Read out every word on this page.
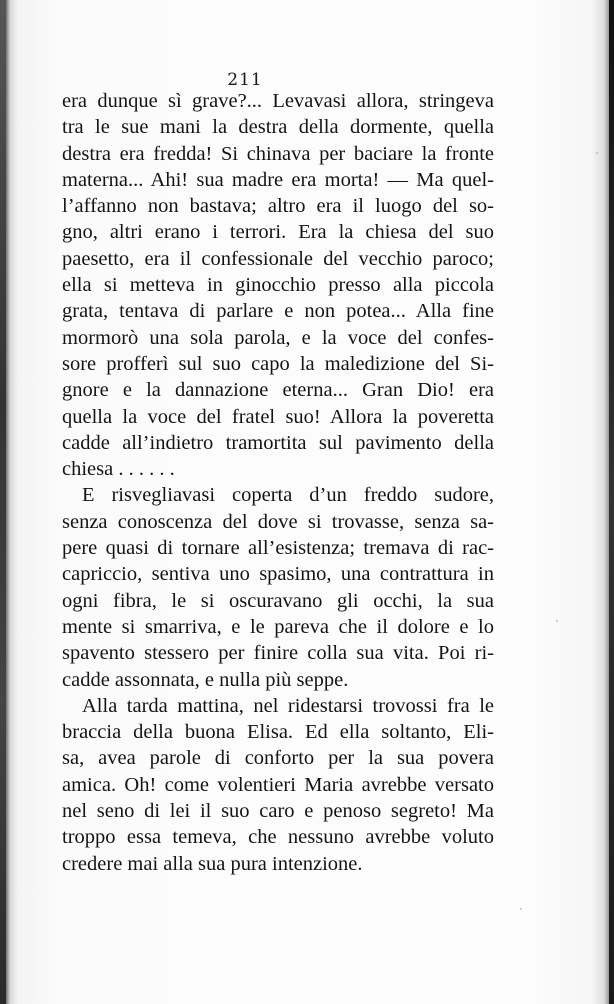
211
era dunque sì grave?... Levavasi allora, stringeva
tra le sue mani la destra della dormente, quella
destra era fredda! Si chinava per baciare la fronte
materna... Ahi! sua madre era morta! — Ma quel-
l’affanno non bastava; altro era il luogo del so-
gno, altri erano i terrori. Era la chiesa del suo
paesetto, era il confessionale del vecchio paroco;
ella si metteva in ginocchio presso alla piccola
grata, tentava di parlare e non potea... Alla fine
mormorò una sola parola, e la voce del confes-
sore profferì sul suo capo la maledizione del Si-
gnore e la dannazione eterna... Gran Dio! era
quella la voce del fratel suo! Allora la poveretta
cadde all’indietro tramortita sul pavimento della
chiesa . . . . . .
E risvegliavasi coperta d’un freddo sudore,
senza conoscenza del dove si trovasse, senza sa-
pere quasi di tornare all’esistenza; tremava di rac-
capriccio, sentiva uno spasimo, una contrattura in
ogni fibra, le si oscuravano gli occhi, la sua
mente si smarriva, e le pareva che il dolore e lo
spavento stessero per finire colla sua vita. Poi ri-
cadde assonnata, e nulla più seppe.
Alla tarda mattina, nel ridestarsi trovossi fra le
braccia della buona Elisa. Ed ella soltanto, Eli-
sa, avea parole di conforto per la sua povera
amica. Oh! come volentieri Maria avrebbe versato
nel seno di lei il suo caro e penoso segreto! Ma
troppo essa temeva, che nessuno avrebbe voluto
credere mai alla sua pura intenzione.
